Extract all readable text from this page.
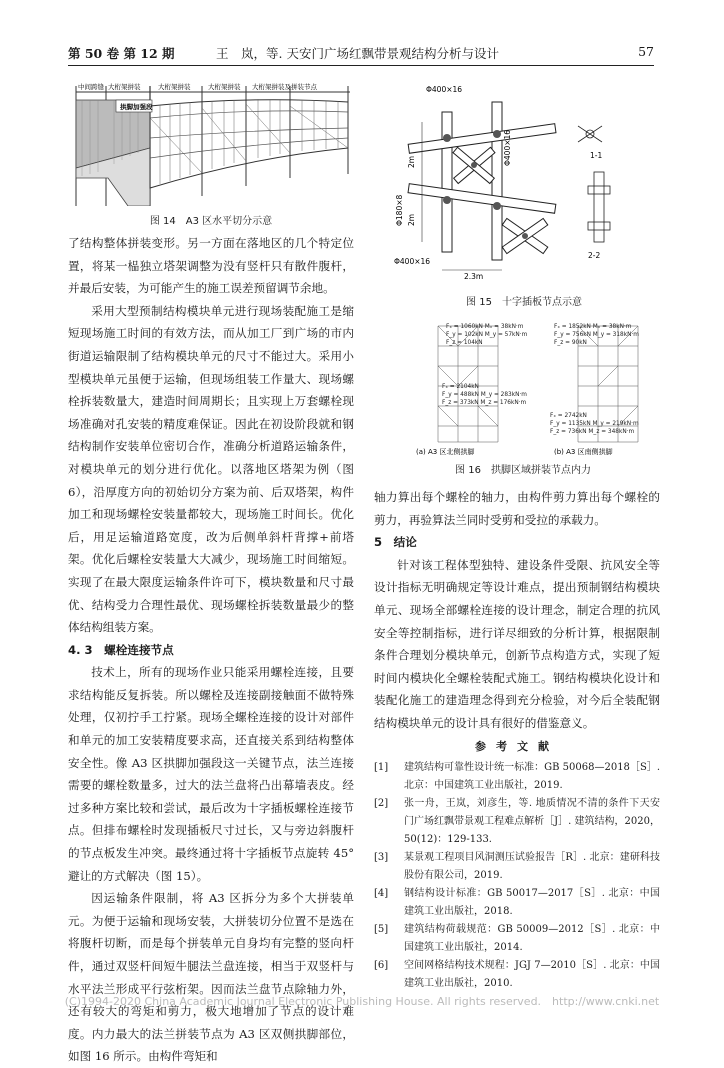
第 50 卷 第 12 期	王　岚，等. 天安门广场红飘带景观结构分析与设计	57
中间跨缝 大桁架拼装
拱脚加强段
大桁架拼装	大桁架拼装 大桁架拼装及拼装节点
图 14　A3 区水平切分示意

了结构整体拼装变形。另一方面在落地区的几个特定位置，将某一榀独立塔架调整为没有竖杆只有散件腹杆，并最后安装，为可能产生的施工误差预留调节余地。

采用大型预制结构模块单元进行现场装配施工是缩短现场施工时间的有效方法，而从加工厂到广场的市内街道运输限制了结构模块单元的尺寸不能过大。采用小型模块单元虽便于运输，但现场组装工作量大、现场螺栓拆装数量大，建造时间周期长；且实现上万套螺栓现场准确对孔安装的精度难保证。因此在初设阶段就和钢结构制作安装单位密切合作，准确分析道路运输条件，对模块单元的划分进行优化。以落地区塔架为例（图 6），沿厚度方向的初始切分方案为前、后双塔架，构件加工和现场螺栓安装量都较大，现场施工时间长。优化后，用足运输道路宽度，改为后侧单斜杆背撑+前塔架。优化后螺栓安装量大大减少，现场施工时间缩短。实现了在最大限度运输条件许可下，模块数量和尺寸最优、结构受力合理性最优、现场螺栓拆装数量最少的整体结构组装方案。

4. 3　螺栓连接节点

技术上，所有的现场作业只能采用螺栓连接，且要求结构能反复拆装。所以螺栓及连接副接触面不做特殊处理，仅初拧手工拧紧。现场全螺栓连接的设计对部件和单元的加工安装精度要求高，还直接关系到结构整体安全性。像 A3 区拱脚加强段这一关键节点，法兰连接需要的螺栓数量多，过大的法兰盘将凸出幕墙表皮。经过多种方案比较和尝试，最后改为十字插板螺栓连接节点。但排布螺栓时发现插板尺寸过长，又与旁边斜腹杆的节点板发生冲突。最终通过将十字插板节点旋转 45°避让的方式解决（图 15）。

因运输条件限制，将 A3 区拆分为多个大拼装单元。为便于运输和现场安装，大拼装切分位置不是选在将腹杆切断，而是每个拼装单元自身均有完整的竖向杆件，通过双竖杆间短牛腿法兰盘连接，相当于双竖杆与水平法兰形成平行弦桁架。因而法兰盘节点除轴力外，还有较大的弯矩和剪力，极大地增加了节点的设计难度。内力最大的法兰拼装节点为 A3 区双侧拱脚部位，如图 16 所示。由构件弯矩和

Φ400×16
Φ400×16
Φ180×8
Φ400×16
2m
2m
2.3m
1-1
2-2
图 15　十字插板节点示意
Fₓ = 1060kN Mₓ = 38kN·m
F_y = 102kN M_y = 57kN·m
F_z = 104kN
Fₓ = 1852kN Mₓ = 38kN·m
F_y = 756kN M_y = 318kN·m
F_z = 90kN
Fₓ = 2104kN
F_y = 488kN M_y = 283kN·m
F_z = 373kN M_z = 176kN·m
Fₓ = 2742kN
F_y = 1135kN M_y = 219kN·m
F_z = 736kN M_z = 348kN·m
(a) A3 区北侧拱脚	(b) A3 区南侧拱脚
图 16　拱脚区域拼装节点内力

轴力算出每个螺栓的轴力，由构件剪力算出每个螺栓的剪力，再验算法兰同时受剪和受拉的承载力。

5　结论

针对该工程体型独特、建设条件受限、抗风安全等设计指标无明确规定等设计难点，提出预制钢结构模块单元、现场全部螺栓连接的设计理念，制定合理的抗风安全等控制指标，进行详尽细致的分析计算，根据限制条件合理划分模块单元，创新节点构造方式，实现了短时间内模块化全螺栓装配式施工。钢结构模块化设计和装配化施工的建造理念得到充分检验，对今后全装配钢结构模块单元的设计具有很好的借鉴意义。

参考文献
[1]	建筑结构可靠性设计统一标准：GB 50068—2018［S］. 北京：中国建筑工业出版社，2019.
[2]	张一舟，王岚，刘彦生，等. 地质情况不清的条件下天安门广场红飘带景观工程难点解析［J］. 建筑结构，2020，50(12)：129-133.
[3]	某景观工程项目风洞测压试验报告［R］. 北京：建研科技股份有限公司，2019.
[4]	钢结构设计标准：GB 50017—2017［S］. 北京：中国建筑工业出版社，2018.
[5]	建筑结构荷载规范：GB 50009—2012［S］. 北京：中国建筑工业出版社，2014.
[6]	空间网格结构技术规程：JGJ 7—2010［S］. 北京：中国建筑工业出版社，2010.
(C)1994-2020 China Academic Journal Electronic Publishing House. All rights reserved.　http://www.cnki.net
